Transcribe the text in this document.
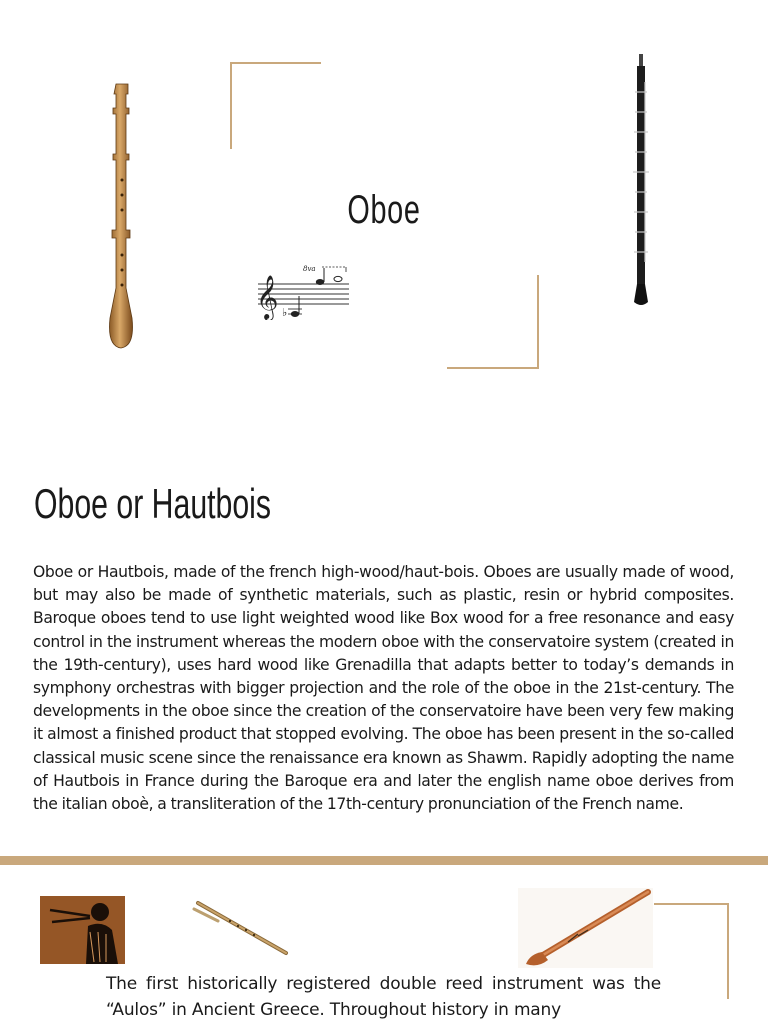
Oboe
𝄞 ♭
8va
Oboe or Hautbois

Oboe or Hautbois, made of the french high-wood/haut-bois. Oboes are usually made of wood, but may also be made of synthetic materials, such as plastic, resin or hybrid composites. Baroque oboes tend to use light weighted wood like Box wood for a free resonance and easy control in the instrument whereas the modern oboe with the conservatoire system (created in the 19th-century), uses hard wood like Grenadilla that adapts better to today’s demands in symphony orchestras with bigger projection and the role of the oboe in the 21st-century. The developments in the oboe since the creation of the conservatoire have been very few making it almost a finished product that stopped evolving. The oboe has been present in the so-called classical music scene since the renaissance era known as Shawm. Rapidly adopting the name of Hautbois in France during the Baroque era and later the english name oboe derives from the italian oboè, a transliteration of the 17th-century pronunciation of the French name.

The first historically registered double reed instrument was the “Aulos” in Ancient Greece. Throughout history in many
